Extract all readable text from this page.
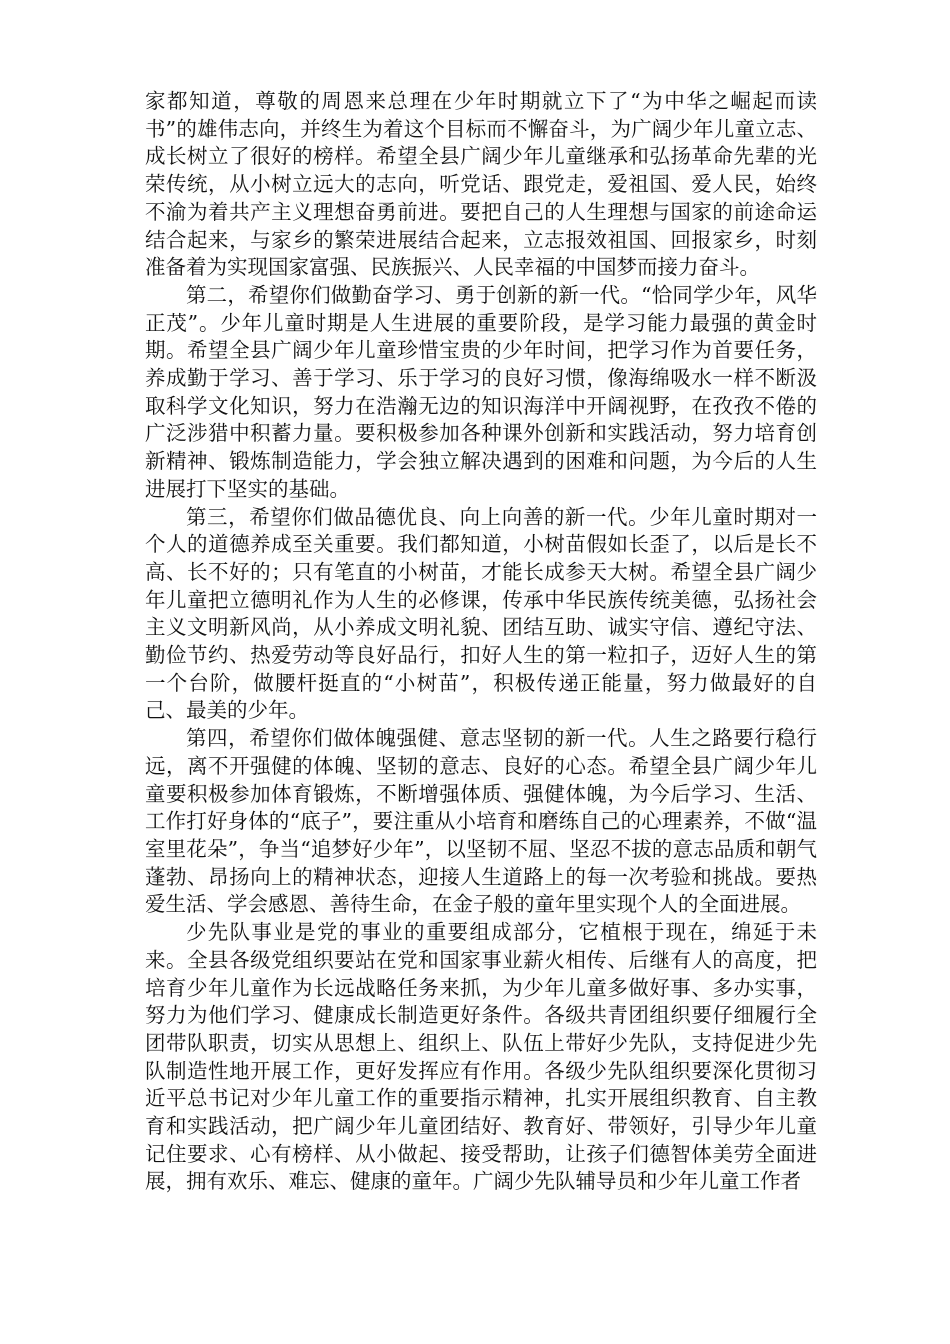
家都知道，尊敬的周恩来总理在少年时期就立下了“为中华之崛起而读书”的雄伟志向，并终生为着这个目标而不懈奋斗，为广阔少年儿童立志、成长树立了很好的榜样。希望全县广阔少年儿童继承和弘扬革命先辈的光荣传统，从小树立远大的志向，听党话、跟党走，爱祖国、爱人民，始终不渝为着共产主义理想奋勇前进。要把自己的人生理想与国家的前途命运结合起来，与家乡的繁荣进展结合起来，立志报效祖国、回报家乡，时刻准备着为实现国家富强、民族振兴、人民幸福的中国梦而接力奋斗。

第二，希望你们做勤奋学习、勇于创新的新一代。“恰同学少年，风华正茂”。少年儿童时期是人生进展的重要阶段，是学习能力最强的黄金时期。希望全县广阔少年儿童珍惜宝贵的少年时间，把学习作为首要任务，养成勤于学习、善于学习、乐于学习的良好习惯，像海绵吸水一样不断汲取科学文化知识，努力在浩瀚无边的知识海洋中开阔视野，在孜孜不倦的广泛涉猎中积蓄力量。要积极参加各种课外创新和实践活动，努力培育创新精神、锻炼制造能力，学会独立解决遇到的困难和问题，为今后的人生进展打下坚实的基础。

第三，希望你们做品德优良、向上向善的新一代。少年儿童时期对一个人的道德养成至关重要。我们都知道，小树苗假如长歪了，以后是长不高、长不好的；只有笔直的小树苗，才能长成参天大树。希望全县广阔少年儿童把立德明礼作为人生的必修课，传承中华民族传统美德，弘扬社会主义文明新风尚，从小养成文明礼貌、团结互助、诚实守信、遵纪守法、勤俭节约、热爱劳动等良好品行，扣好人生的第一粒扣子，迈好人生的第一个台阶，做腰杆挺直的“小树苗”，积极传递正能量，努力做最好的自己、最美的少年。

第四，希望你们做体魄强健、意志坚韧的新一代。人生之路要行稳行远，离不开强健的体魄、坚韧的意志、良好的心态。希望全县广阔少年儿童要积极参加体育锻炼，不断增强体质、强健体魄，为今后学习、生活、工作打好身体的“底子”，要注重从小培育和磨练自己的心理素养，不做“温室里花朵”，争当“追梦好少年”，以坚韧不屈、坚忍不拔的意志品质和朝气蓬勃、昂扬向上的精神状态，迎接人生道路上的每一次考验和挑战。要热爱生活、学会感恩、善待生命，在金子般的童年里实现个人的全面进展。

少先队事业是党的事业的重要组成部分，它植根于现在，绵延于未来。全县各级党组织要站在党和国家事业薪火相传、后继有人的高度，把培育少年儿童作为长远战略任务来抓，为少年儿童多做好事、多办实事，努力为他们学习、健康成长制造更好条件。各级共青团组织要仔细履行全团带队职责，切实从思想上、组织上、队伍上带好少先队，支持促进少先队制造性地开展工作，更好发挥应有作用。各级少先队组织要深化贯彻习近平总书记对少年儿童工作的重要指示精神，扎实开展组织教育、自主教育和实践活动，把广阔少年儿童团结好、教育好、带领好，引导少年儿童记住要求、心有榜样、从小做起、接受帮助，让孩子们德智体美劳全面进展，拥有欢乐、难忘、健康的童年。广阔少先队辅导员和少年儿童工作者
